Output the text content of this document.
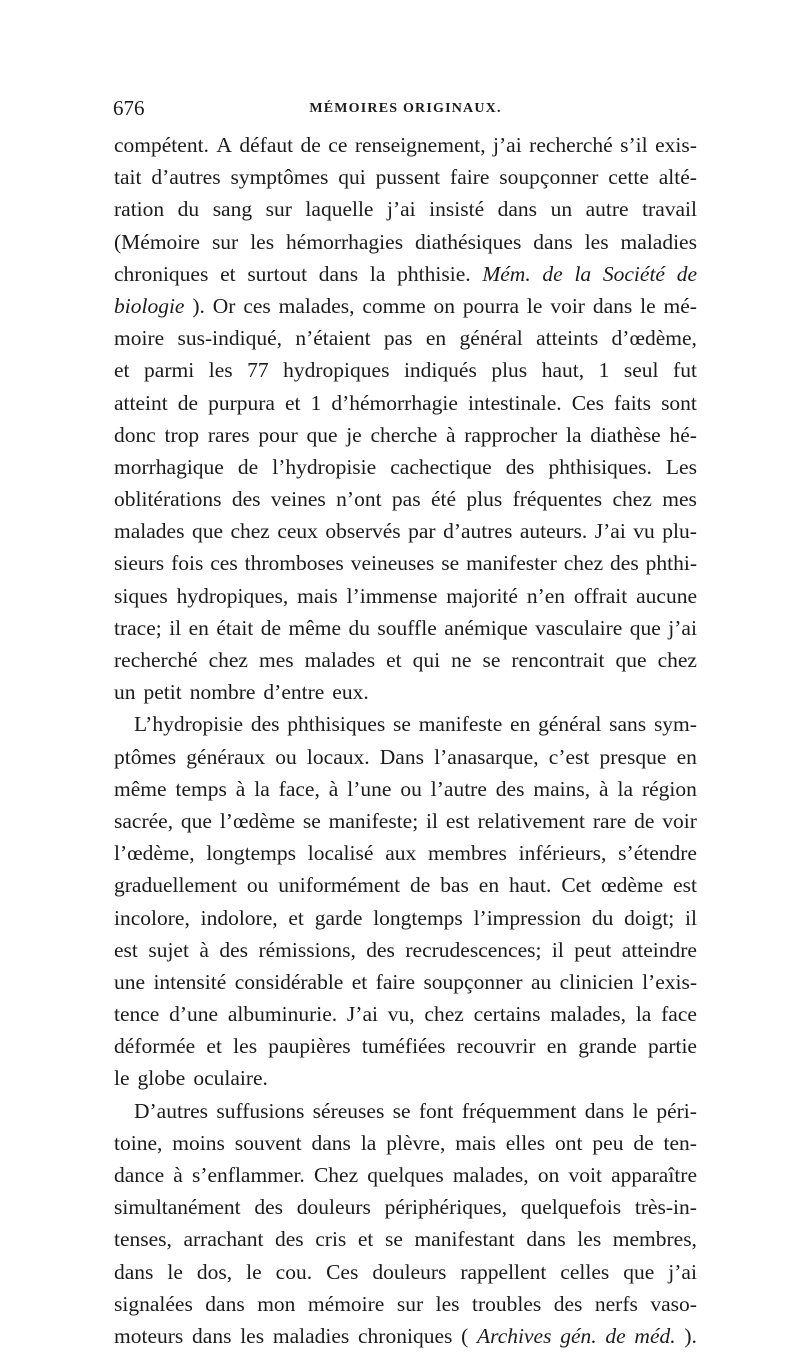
676	MÉMOIRES ORIGINAUX.
compétent. A défaut de ce renseignement, j’ai recherché s’il exis-
tait d’autres symptômes qui pussent faire soupçonner cette alté-
ration du sang sur laquelle j’ai insisté dans un autre travail
(Mémoire sur les hémorrhagies diathésiques dans les maladies
chroniques et surtout dans la phthisie. Mém. de la Société de
biologie ). Or ces malades, comme on pourra le voir dans le mé-
moire sus-indiqué, n’étaient pas en général atteints d’œdème,
et parmi les 77 hydropiques indiqués plus haut, 1 seul fut
atteint de purpura et 1 d’hémorrhagie intestinale. Ces faits sont
donc trop rares pour que je cherche à rapprocher la diathèse hé-
morrhagique de l’hydropisie cachectique des phthisiques. Les
oblitérations des veines n’ont pas été plus fréquentes chez mes
malades que chez ceux observés par d’autres auteurs. J’ai vu plu-
sieurs fois ces thromboses veineuses se manifester chez des phthi-
siques hydropiques, mais l’immense majorité n’en offrait aucune
trace; il en était de même du souffle anémique vasculaire que j’ai
recherché chez mes malades et qui ne se rencontrait que chez
un petit nombre d’entre eux.
L’hydropisie des phthisiques se manifeste en général sans sym-
ptômes généraux ou locaux. Dans l’anasarque, c’est presque en
même temps à la face, à l’une ou l’autre des mains, à la région
sacrée, que l’œdème se manifeste; il est relativement rare de voir
l’œdème, longtemps localisé aux membres inférieurs, s’étendre
graduellement ou uniformément de bas en haut. Cet œdème est
incolore, indolore, et garde longtemps l’impression du doigt; il
est sujet à des rémissions, des recrudescences; il peut atteindre
une intensité considérable et faire soupçonner au clinicien l’exis-
tence d’une albuminurie. J’ai vu, chez certains malades, la face
déformée et les paupières tuméfiées recouvrir en grande partie
le globe oculaire.
D’autres suffusions séreuses se font fréquemment dans le péri-
toine, moins souvent dans la plèvre, mais elles ont peu de ten-
dance à s’enflammer. Chez quelques malades, on voit apparaître
simultanément des douleurs périphériques, quelquefois très-in-
tenses, arrachant des cris et se manifestant dans les membres,
dans le dos, le cou. Ces douleurs rappellent celles que j’ai
signalées dans mon mémoire sur les troubles des nerfs vaso-
moteurs dans les maladies chroniques ( Archives gén. de méd. ).
